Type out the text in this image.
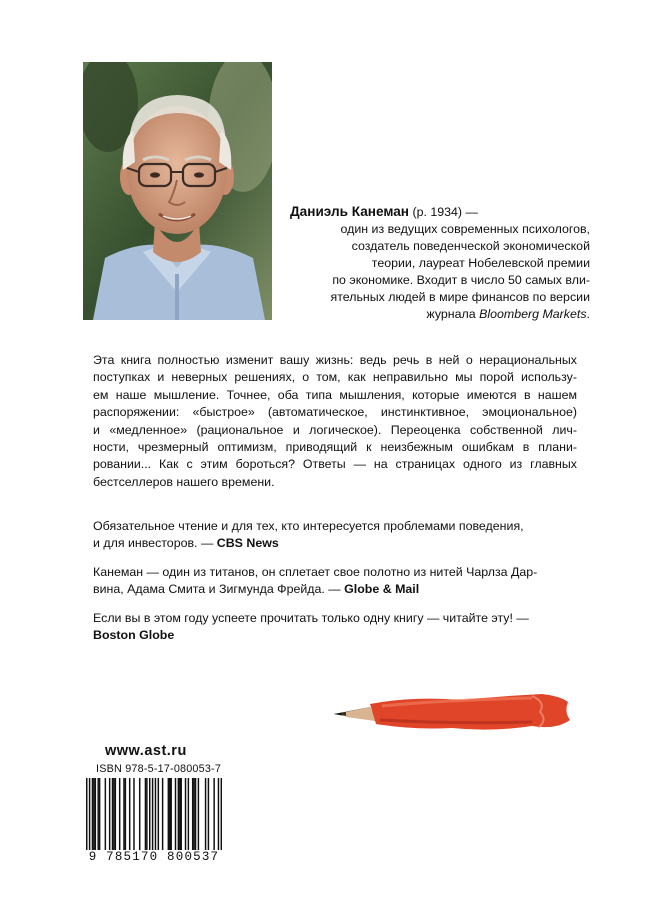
Даниэль Канеман (р. 1934) —
один из ведущих современных психологов,
создатель поведенческой экономической
теории, лауреат Нобелевской премии
по экономике. Входит в число 50 самых вли-
ятельных людей в мире финансов по версии
журнала Bloomberg Markets.
Эта книга полностью изменит вашу жизнь: ведь речь в ней о нерациональных
поступках и неверных решениях, о том, как неправильно мы порой использу-
ем наше мышление. Точнее, оба типа мышления, которые имеются в нашем
распоряжении: «быстрое» (автоматическое, инстинктивное, эмоциональное)
и «медленное» (рациональное и логическое). Переоценка собственной лич-
ности, чрезмерный оптимизм, приводящий к неизбежным ошибкам в плани-
ровании... Как с этим бороться? Ответы — на страницах одного из главных
бестселлеров нашего времени.
Обязательное чтение и для тех, кто интересуется проблемами поведения,
и для инвесторов. — CBS News
Канеман — один из титанов, он сплетает свое полотно из нитей Чарлза Дар-
вина, Адама Смита и Зигмунда Фрейда. — Globe & Mail
Если вы в этом году успеете прочитать только одну книгу — читайте эту! —
Boston Globe
www.ast.ru
ISBN 978-5-17-080053-7
9 785170 800537
